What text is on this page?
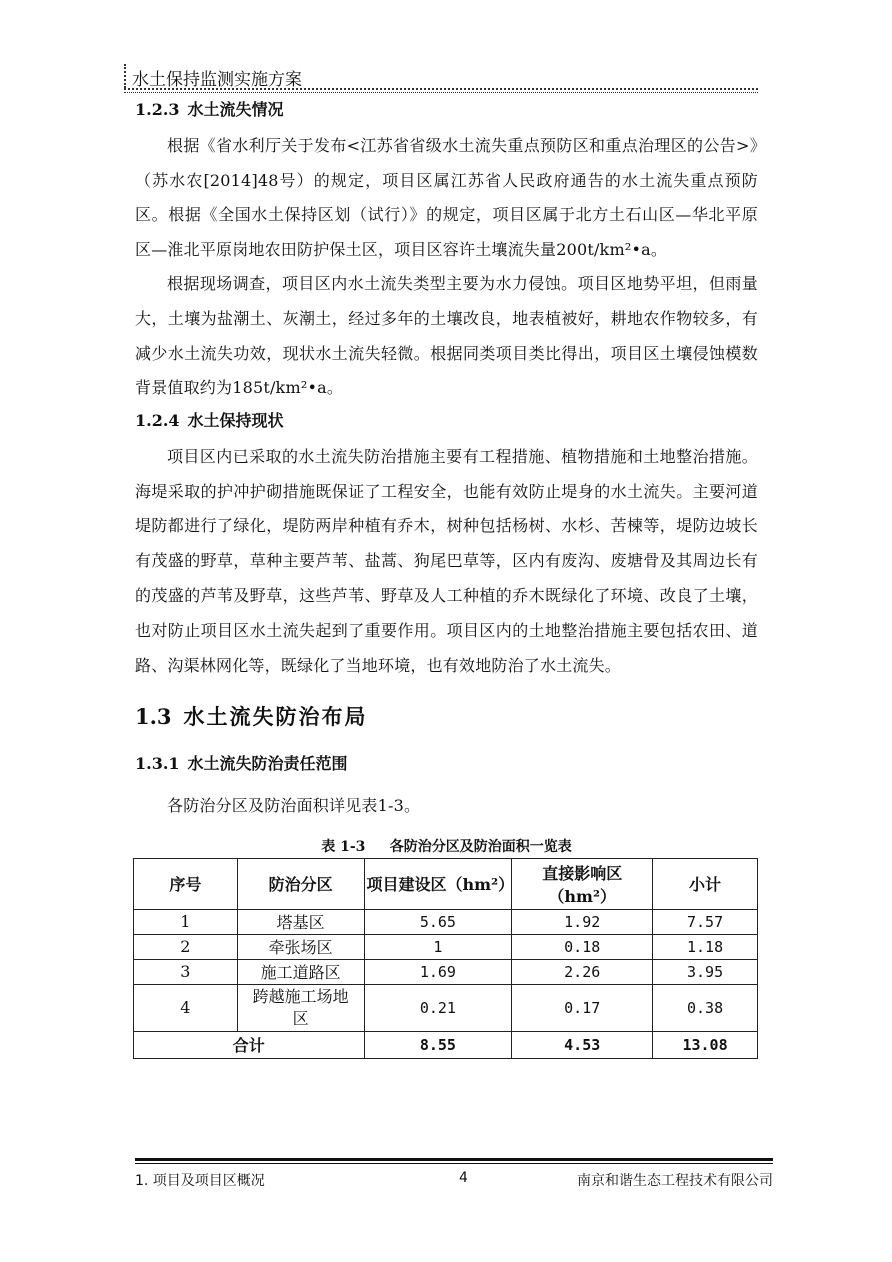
水土保持监测实施方案
1.2.3 水土流失情况

根据《省水利厅关于发布<江苏省省级水土流失重点预防区和重点治理区的公告>》（苏水农[2014]48号）的规定，项目区属江苏省人民政府通告的水土流失重点预防区。根据《全国水土保持区划（试行）》的规定，项目区属于北方土石山区—华北平原区—淮北平原岗地农田防护保土区，项目区容许土壤流失量200t/km²•a。

根据现场调查，项目区内水土流失类型主要为水力侵蚀。项目区地势平坦，但雨量大，土壤为盐潮土、灰潮土，经过多年的土壤改良，地表植被好，耕地农作物较多，有减少水土流失功效，现状水土流失轻微。根据同类项目类比得出，项目区土壤侵蚀模数背景值取约为185t/km²•a。

1.2.4 水土保持现状

项目区内已采取的水土流失防治措施主要有工程措施、植物措施和土地整治措施。海堤采取的护冲护砌措施既保证了工程安全，也能有效防止堤身的水土流失。主要河道堤防都进行了绿化，堤防两岸种植有乔木，树种包括杨树、水杉、苦楝等，堤防边坡长有茂盛的野草，草种主要芦苇、盐蒿、狗尾巴草等，区内有废沟、废塘骨及其周边长有的茂盛的芦苇及野草，这些芦苇、野草及人工种植的乔木既绿化了环境、改良了土壤，也对防止项目区水土流失起到了重要作用。项目区内的土地整治措施主要包括农田、道路、沟渠林网化等，既绿化了当地环境，也有效地防治了水土流失。

1.3 水土流失防治布局
1.3.1 水土流失防治责任范围

各防治分区及防治面积详见表1-3。

表 1-3 各防治分区及防治面积一览表

序号	防治分区	项目建设区（hm²）	直接影响区（hm²）	小计
1	塔基区	5.65	1.92	7.57
2	牵张场区	1	0.18	1.18
3	施工道路区	1.69	2.26	3.95
4	跨越施工场地区	0.21	0.17	0.38
合计		8.55	4.53	13.08
1. 项目及项目区概况	4	南京和谐生态工程技术有限公司
